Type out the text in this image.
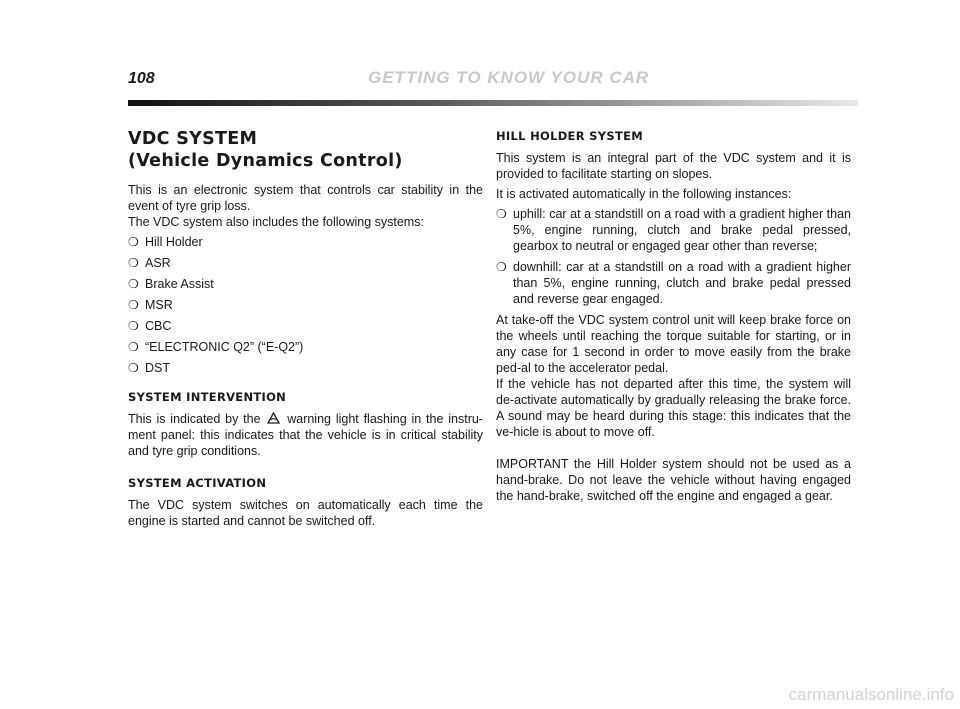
108	GETTING TO KNOW YOUR CAR
VDC SYSTEM
(Vehicle Dynamics Control)

This is an electronic system that controls car stability in the event of tyre grip loss.

The VDC system also includes the following systems:

❍ Hill Holder
❍ ASR
❍ Brake Assist
❍ MSR
❍ CBC
❍ “ELECTRONIC Q2” (“E-Q2”)
❍ DST
SYSTEM INTERVENTION

This is indicated by the warning light flashing in the instru-ment panel: this indicates that the vehicle is in critical stability and tyre grip conditions.

SYSTEM ACTIVATION

The VDC system switches on automatically each time the engine is started and cannot be switched off.

HILL HOLDER SYSTEM

This system is an integral part of the VDC system and it is provided to facilitate starting on slopes.

It is activated automatically in the following instances:

❍ uphill: car at a standstill on a road with a gradient higher than 5%, engine running, clutch and brake pedal pressed, gearbox to neutral or engaged gear other than reverse;
❍ downhill: car at a standstill on a road with a gradient higher than 5%, engine running, clutch and brake pedal pressed and reverse gear engaged.

At take-off the VDC system control unit will keep brake force on the wheels until reaching the torque suitable for starting, or in any case for 1 second in order to move easily from the brake ped-al to the accelerator pedal.

If the vehicle has not departed after this time, the system will de-activate automatically by gradually releasing the brake force. A sound may be heard during this stage: this indicates that the ve-hicle is about to move off.

IMPORTANT the Hill Holder system should not be used as a hand-brake. Do not leave the vehicle without having engaged the hand-brake, switched off the engine and engaged a gear.

carmanualsonline.info
